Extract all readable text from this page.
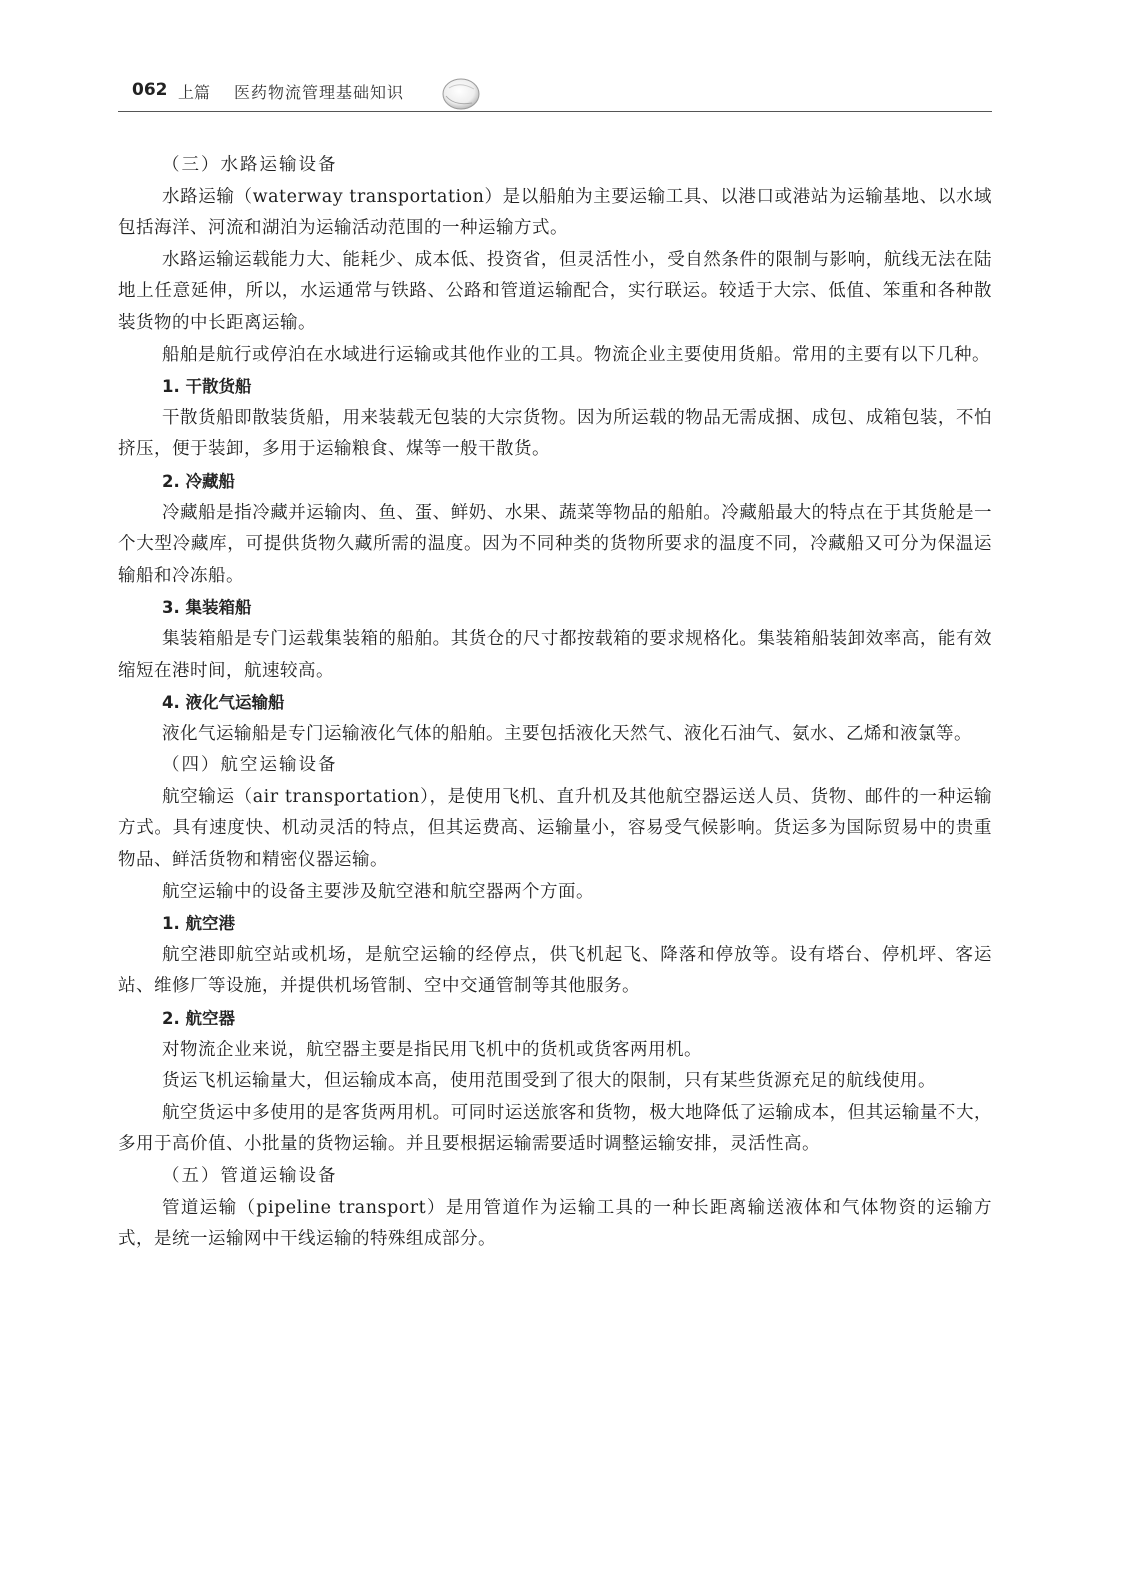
062 上篇 医药物流管理基础知识
（三）水路运输设备

水路运输（waterway transportation）是以船舶为主要运输工具、以港口或港站为运输基地、以水域包括海洋、河流和湖泊为运输活动范围的一种运输方式。

水路运输运载能力大、能耗少、成本低、投资省，但灵活性小，受自然条件的限制与影响，航线无法在陆地上任意延伸，所以，水运通常与铁路、公路和管道运输配合，实行联运。较适于大宗、低值、笨重和各种散装货物的中长距离运输。

船舶是航行或停泊在水域进行运输或其他作业的工具。物流企业主要使用货船。常用的主要有以下几种。

1. 干散货船

干散货船即散装货船，用来装载无包装的大宗货物。因为所运载的物品无需成捆、成包、成箱包装，不怕挤压，便于装卸，多用于运输粮食、煤等一般干散货。

2. 冷藏船

冷藏船是指冷藏并运输肉、鱼、蛋、鲜奶、水果、蔬菜等物品的船舶。冷藏船最大的特点在于其货舱是一个大型冷藏库，可提供货物久藏所需的温度。因为不同种类的货物所要求的温度不同，冷藏船又可分为保温运输船和冷冻船。

3. 集装箱船

集装箱船是专门运载集装箱的船舶。其货仓的尺寸都按载箱的要求规格化。集装箱船装卸效率高，能有效缩短在港时间，航速较高。

4. 液化气运输船

液化气运输船是专门运输液化气体的船舶。主要包括液化天然气、液化石油气、氨水、乙烯和液氯等。

（四）航空运输设备

航空输运（air transportation），是使用飞机、直升机及其他航空器运送人员、货物、邮件的一种运输方式。具有速度快、机动灵活的特点，但其运费高、运输量小，容易受气候影响。货运多为国际贸易中的贵重物品、鲜活货物和精密仪器运输。

航空运输中的设备主要涉及航空港和航空器两个方面。

1. 航空港

航空港即航空站或机场，是航空运输的经停点，供飞机起飞、降落和停放等。设有塔台、停机坪、客运站、维修厂等设施，并提供机场管制、空中交通管制等其他服务。

2. 航空器

对物流企业来说，航空器主要是指民用飞机中的货机或货客两用机。

货运飞机运输量大，但运输成本高，使用范围受到了很大的限制，只有某些货源充足的航线使用。

航空货运中多使用的是客货两用机。可同时运送旅客和货物，极大地降低了运输成本，但其运输量不大，多用于高价值、小批量的货物运输。并且要根据运输需要适时调整运输安排，灵活性高。

（五）管道运输设备

管道运输（pipeline transport）是用管道作为运输工具的一种长距离输送液体和气体物资的运输方式，是统一运输网中干线运输的特殊组成部分。
